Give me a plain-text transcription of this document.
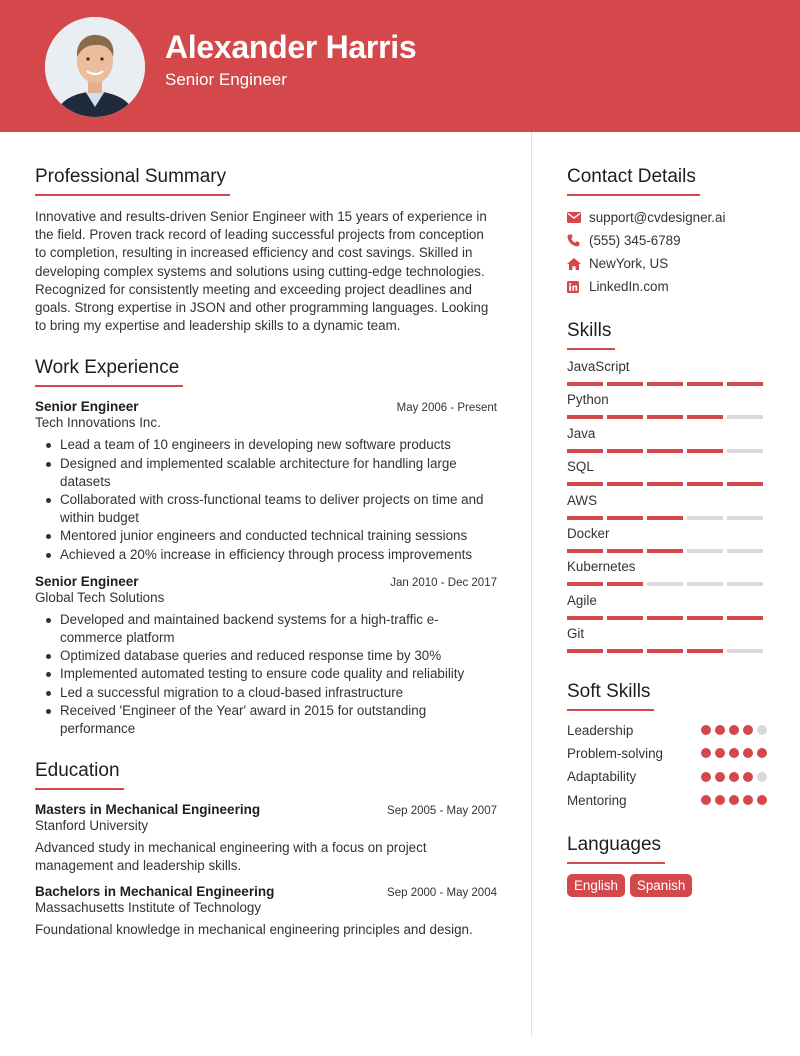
Alexander Harris
Senior Engineer
Professional Summary

Innovative and results-driven Senior Engineer with 15 years of experience in the field. Proven track record of leading successful projects from conception to completion, resulting in increased efficiency and cost savings. Skilled in developing complex systems and solutions using cutting-edge technologies. Recognized for consistently meeting and exceeding project deadlines and goals. Strong expertise in JSON and other programming languages. Looking to bring my expertise and leadership skills to a dynamic team.

Work Experience
Senior Engineer	May 2006 - Present
Tech Innovations Inc.
Lead a team of 10 engineers in developing new software products
Designed and implemented scalable architecture for handling large datasets
Collaborated with cross-functional teams to deliver projects on time and within budget
Mentored junior engineers and conducted technical training sessions
Achieved a 20% increase in efficiency through process improvements
Senior Engineer	Jan 2010 - Dec 2017
Global Tech Solutions
Developed and maintained backend systems for a high-traffic e-commerce platform
Optimized database queries and reduced response time by 30%
Implemented automated testing to ensure code quality and reliability
Led a successful migration to a cloud-based infrastructure
Received 'Engineer of the Year' award in 2015 for outstanding performance
Education
Masters in Mechanical Engineering	Sep 2005 - May 2007
Stanford University

Advanced study in mechanical engineering with a focus on project management and leadership skills.

Bachelors in Mechanical Engineering	Sep 2000 - May 2004
Massachusetts Institute of Technology

Foundational knowledge in mechanical engineering principles and design.

Contact Details
support@cvdesigner.ai
(555) 345-6789
NewYork, US
LinkedIn.com
Skills
JavaScript
Python
Java
SQL
AWS
Docker
Kubernetes
Agile
Git
Soft Skills
Leadership
Problem-solving
Adaptability
Mentoring
Languages
English	Spanish
